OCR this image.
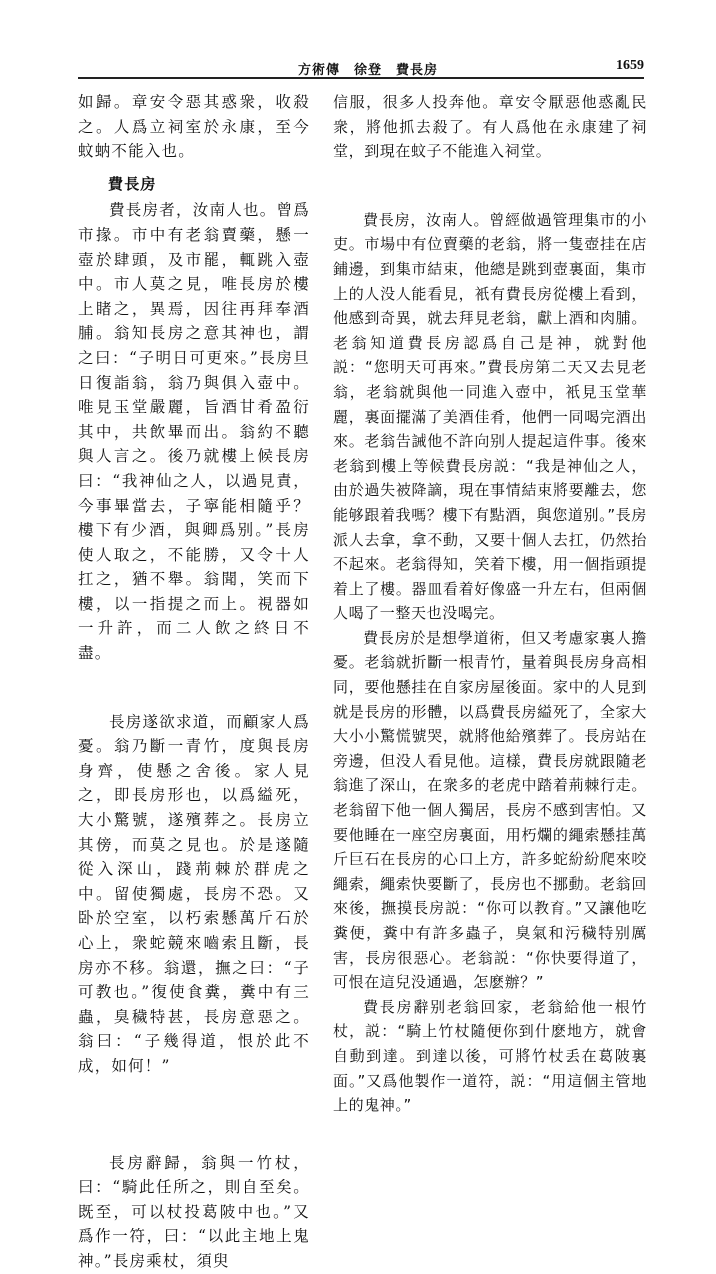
方術傳　徐登　費長房	1659

如歸。章安令惡其惑衆，收殺之。人爲立祠室於永康，至今蚊蚋不能入也。

費長房

費長房者，汝南人也。曾爲市掾。市中有老翁賣藥，懸一壺於肆頭，及市罷，輒跳入壺中。市人莫之見，唯長房於樓上睹之，異焉，因往再拜奉酒脯。翁知長房之意其神也，謂之曰：“子明日可更來。”長房旦日復詣翁，翁乃與俱入壺中。唯見玉堂嚴麗，旨酒甘肴盈衍其中，共飲畢而出。翁約不聽與人言之。後乃就樓上候長房曰：“我神仙之人，以過見責，今事畢當去，子寧能相隨乎？樓下有少酒，與卿爲别。”長房使人取之，不能勝，又令十人扛之，猶不舉。翁聞，笑而下樓，以一指提之而上。視器如一升許，而二人飲之終日不盡。

長房遂欲求道，而顧家人爲憂。翁乃斷一青竹，度與長房身齊，使懸之舍後。家人見之，即長房形也，以爲縊死，大小驚號，遂殯葬之。長房立其傍，而莫之見也。於是遂隨從入深山，踐荊棘於群虎之中。留使獨處，長房不恐。又卧於空室，以朽索懸萬斤石於心上，衆蛇競來嚙索且斷，長房亦不移。翁還，撫之曰：“子可教也。”復使食糞，糞中有三蟲，臭穢特甚，長房意惡之。翁曰：“子幾得道，恨於此不成，如何！”

長房辭歸，翁與一竹杖，曰：“騎此任所之，則自至矣。既至，可以杖投葛陂中也。”又爲作一符，曰：“以此主地上鬼神。”長房乘杖，須臾

信服，很多人投奔他。章安令厭惡他惑亂民衆，將他抓去殺了。有人爲他在永康建了祠堂，到現在蚊子不能進入祠堂。

費長房，汝南人。曾經做過管理集市的小吏。市場中有位賣藥的老翁，將一隻壺挂在店鋪邊，到集市結束，他總是跳到壺裏面，集市上的人没人能看見，衹有費長房從樓上看到，他感到奇異，就去拜見老翁，獻上酒和肉脯。老翁知道費長房認爲自己是神，就對他説：“您明天可再來。”費長房第二天又去見老翁，老翁就與他一同進入壺中，衹見玉堂華麗，裏面擺滿了美酒佳肴，他們一同喝完酒出來。老翁告誡他不許向别人提起這件事。後來老翁到樓上等候費長房説：“我是神仙之人，由於過失被降謫，現在事情結束將要離去，您能够跟着我嗎？樓下有點酒，與您道别。”長房派人去拿，拿不動，又要十個人去扛，仍然抬不起來。老翁得知，笑着下樓，用一個指頭提着上了樓。器皿看着好像盛一升左右，但兩個人喝了一整天也没喝完。

費長房於是想學道術，但又考慮家裏人擔憂。老翁就折斷一根青竹，量着與長房身高相同，要他懸挂在自家房屋後面。家中的人見到就是長房的形體，以爲費長房縊死了，全家大大小小驚慌號哭，就將他給殯葬了。長房站在旁邊，但没人看見他。這樣，費長房就跟隨老翁進了深山，在衆多的老虎中踏着荊棘行走。老翁留下他一個人獨居，長房不感到害怕。又要他睡在一座空房裏面，用朽爛的繩索懸挂萬斤巨石在長房的心口上方，許多蛇紛紛爬來咬繩索，繩索快要斷了，長房也不挪動。老翁回來後，撫摸長房説：“你可以教育。”又讓他吃糞便，糞中有許多蟲子，臭氣和污穢特别厲害，長房很惡心。老翁説：“你快要得道了，可恨在這兒没通過，怎麽辦？”

費長房辭别老翁回家，老翁給他一根竹杖，説：“騎上竹杖隨便你到什麽地方，就會自動到達。到達以後，可將竹杖丢在葛陂裏面。”又爲他製作一道符，説：“用這個主管地上的鬼神。”
